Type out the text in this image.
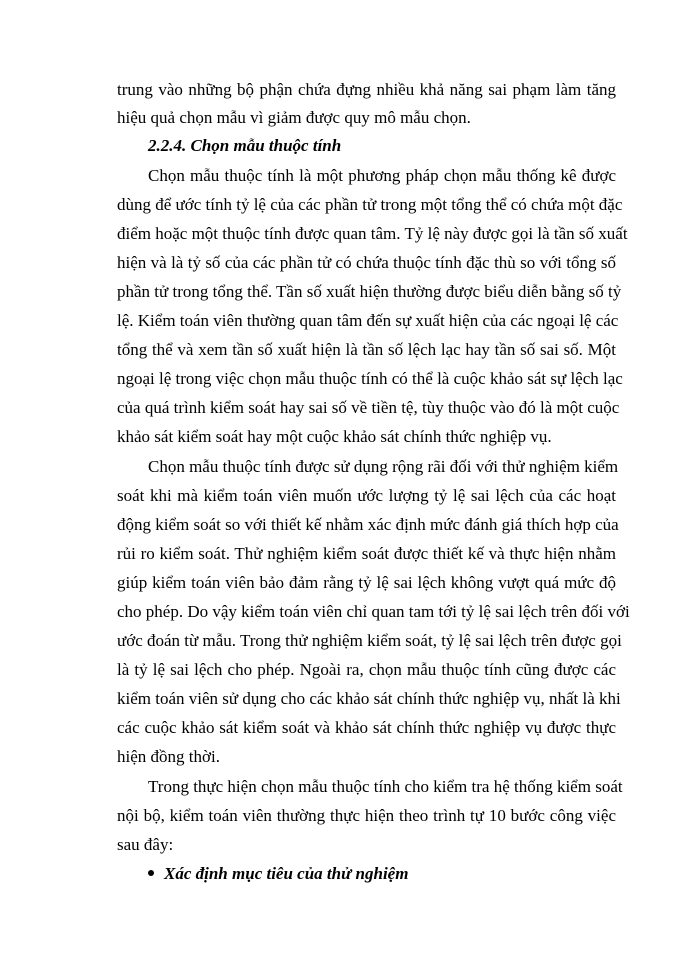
trung vào những bộ phận chứa đựng nhiều khả năng sai phạm làm tăng
hiệu quả chọn mẫu vì giảm được quy mô mẫu chọn.
2.2.4. Chọn mẫu thuộc tính
Chọn mẫu thuộc tính là một phương pháp chọn mẫu thống kê được
dùng để ước tính tỷ lệ của các phần tử trong một tổng thể có chứa một đặc
điểm hoặc một thuộc tính được quan tâm. Tỷ lệ này được gọi là tần số xuất
hiện và là tỷ số của các phần tử có chứa thuộc tính đặc thù so với tổng số
phần tử trong tổng thể. Tần số xuất hiện thường được biểu diễn bằng số tỷ
lệ. Kiểm toán viên thường quan tâm đến sự xuất hiện của các ngoại lệ các
tổng thể và xem tần số xuất hiện là tần số lệch lạc hay tần số sai số. Một
ngoại lệ trong việc chọn mẫu thuộc tính có thể là cuộc khảo sát sự lệch lạc
của quá trình kiểm soát hay sai số về tiền tệ, tùy thuộc vào đó là một cuộc
khảo sát kiểm soát hay một cuộc khảo sát chính thức nghiệp vụ.
Chọn mẫu thuộc tính được sử dụng rộng rãi đối với thử nghiệm kiểm
soát khi mà kiểm toán viên muốn ước lượng tỷ lệ sai lệch của các hoạt
động kiểm soát so với thiết kế nhằm xác định mức đánh giá thích hợp của
rủi ro kiểm soát. Thử nghiệm kiểm soát được thiết kế và thực hiện nhằm
giúp kiểm toán viên bảo đảm rằng tỷ lệ sai lệch không vượt quá mức độ
cho phép. Do vậy kiểm toán viên chỉ quan tam tới tỷ lệ sai lệch trên đối với
ước đoán từ mẫu. Trong thử nghiệm kiểm soát, tỷ lệ sai lệch trên được gọi
là tỷ lệ sai lệch cho phép. Ngoài ra, chọn mẫu thuộc tính cũng được các
kiểm toán viên sử dụng cho các khảo sát chính thức nghiệp vụ, nhất là khi
các cuộc khảo sát kiểm soát và khảo sát chính thức nghiệp vụ được thực
hiện đồng thời.
Trong thực hiện chọn mẫu thuộc tính cho kiểm tra hệ thống kiểm soát
nội bộ, kiểm toán viên thường thực hiện theo trình tự 10 bước công việc
sau đây:
Xác định mục tiêu của thử nghiệm
